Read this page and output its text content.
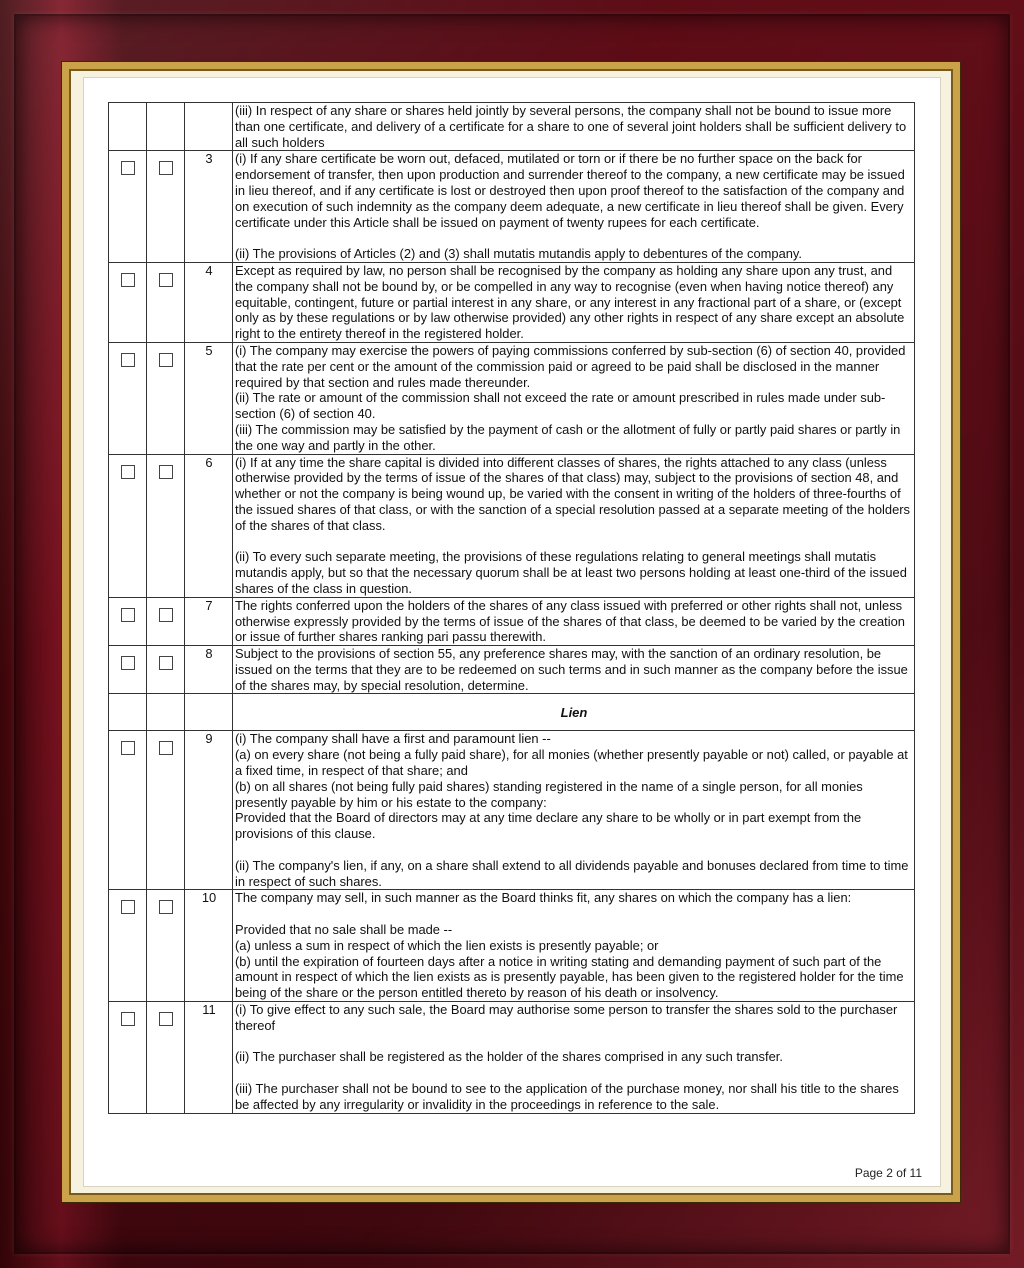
			(iii) In respect of any share or shares held jointly by several persons, the company shall not be bound to issue more than one certificate, and delivery of a certificate for a share to one of several joint holders shall be sufficient delivery to all such holders

	3	(i) If any share certificate be worn out, defaced, mutilated or torn or if there be no further space on the back for endorsement of transfer, then upon production and surrender thereof to the company, a new certificate may be issued in lieu thereof, and if any certificate is lost or destroyed then upon proof thereof to the satisfaction of the company and on execution of such indemnity as the company deem adequate, a new certificate in lieu thereof shall be given. Every certificate under this Article shall be issued on payment of twenty rupees for each certificate.

(ii) The provisions of Articles (2) and (3) shall mutatis mutandis apply to debentures of the company.

	4	Except as required by law, no person shall be recognised by the company as holding any share upon any trust, and the company shall not be bound by, or be compelled in any way to recognise (even when having notice thereof) any equitable, contingent, future or partial interest in any share, or any interest in any fractional part of a share, or (except only as by these regulations or by law otherwise provided) any other rights in respect of any share except an absolute right to the entirety thereof in the registered holder.

	5	(i) The company may exercise the powers of paying commissions conferred by sub-section (6) of section 40, provided that the rate per cent or the amount of the commission paid or agreed to be paid shall be disclosed in the manner required by that section and rules made thereunder.
(ii) The rate or amount of the commission shall not exceed the rate or amount prescribed in rules made under sub-section (6) of section 40.
(iii) The commission may be satisfied by the payment of cash or the allotment of fully or partly paid shares or partly in the one way and partly in the other.

	6	(i) If at any time the share capital is divided into different classes of shares, the rights attached to any class (unless otherwise provided by the terms of issue of the shares of that class) may, subject to the provisions of section 48, and whether or not the company is being wound up, be varied with the consent in writing of the holders of three-fourths of the issued shares of that class, or with the sanction of a special resolution passed at a separate meeting of the holders of the shares of that class.

(ii) To every such separate meeting, the provisions of these regulations relating to general meetings shall mutatis mutandis apply, but so that the necessary quorum shall be at least two persons holding at least one-third of the issued shares of the class in question.

	7	The rights conferred upon the holders of the shares of any class issued with preferred or other rights shall not, unless otherwise expressly provided by the terms of issue of the shares of that class, be deemed to be varied by the creation or issue of further shares ranking pari passu therewith.

	8	Subject to the provisions of section 55, any preference shares may, with the sanction of an ordinary resolution, be issued on the terms that they are to be redeemed on such terms and in such manner as the company before the issue of the shares may, by special resolution, determine.

			Lien

	9	(i) The company shall have a first and paramount lien --
(a) on every share (not being a fully paid share), for all monies (whether presently payable or not) called, or payable at a fixed time, in respect of that share; and
(b) on all shares (not being fully paid shares) standing registered in the name of a single person, for all monies presently payable by him or his estate to the company:
Provided that the Board of directors may at any time declare any share to be wholly or in part exempt from the provisions of this clause.

(ii) The company's lien, if any, on a share shall extend to all dividends payable and bonuses declared from time to time in respect of such shares.

	10	The company may sell, in such manner as the Board thinks fit, any shares on which the company has a lien:

Provided that no sale shall be made --
(a) unless a sum in respect of which the lien exists is presently payable; or
(b) until the expiration of fourteen days after a notice in writing stating and demanding payment of such part of the amount in respect of which the lien exists as is presently payable, has been given to the registered holder for the time being of the share or the person entitled thereto by reason of his death or insolvency.

	11	(i) To give effect to any such sale, the Board may authorise some person to transfer the shares sold to the purchaser thereof

(ii) The purchaser shall be registered as the holder of the shares comprised in any such transfer.

(iii) The purchaser shall not be bound to see to the application of the purchase money, nor shall his title to the shares be affected by any irregularity or invalidity in the proceedings in reference to the sale.
Page 2 of 11
